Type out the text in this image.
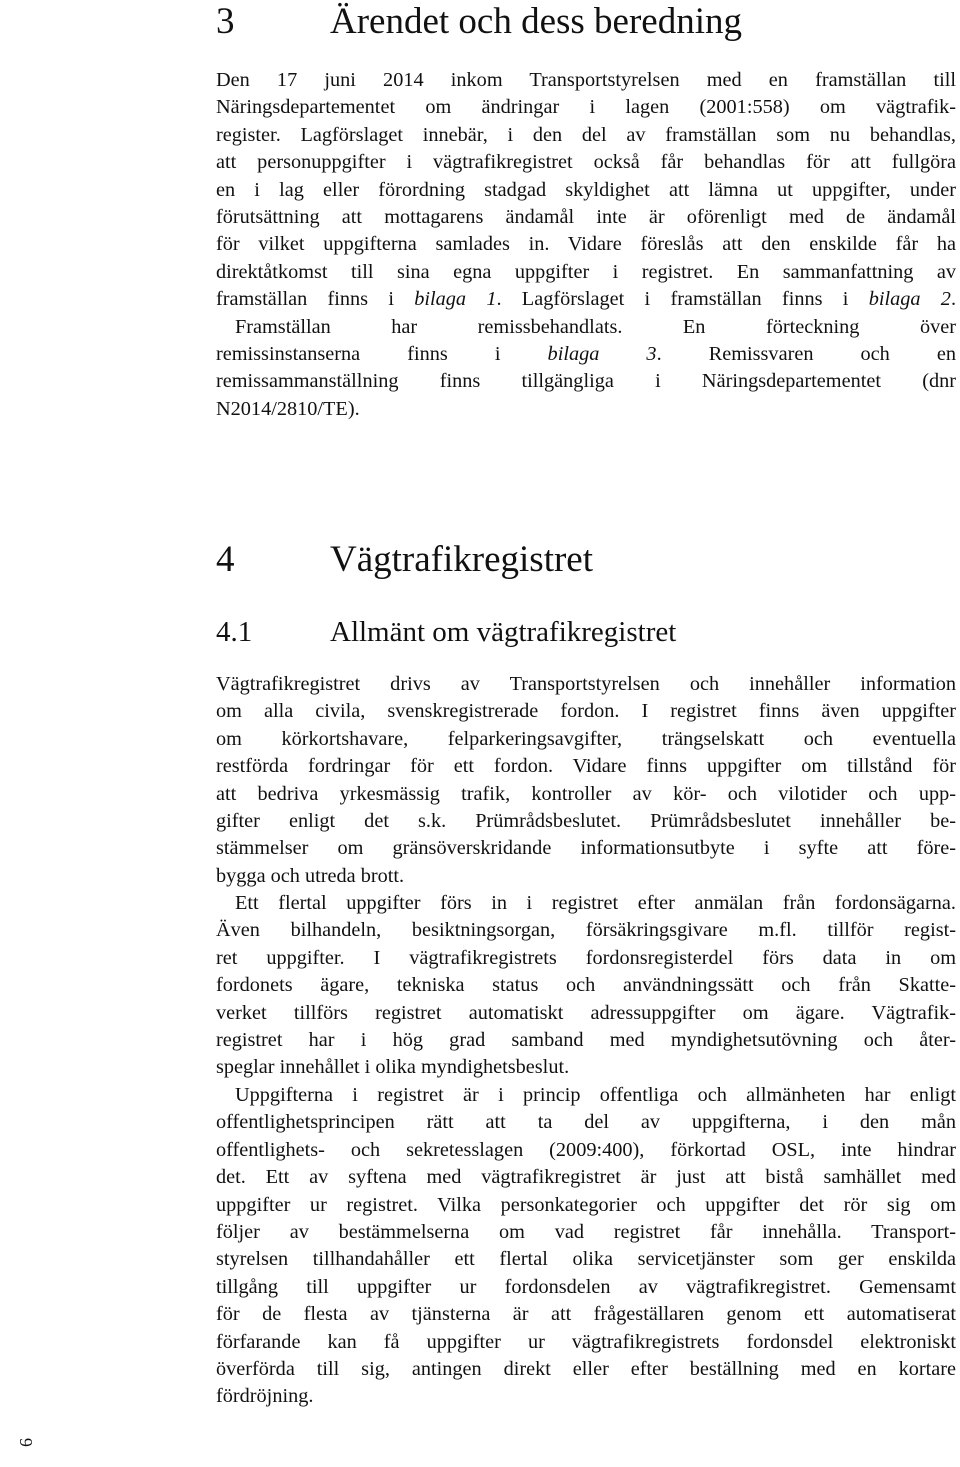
3	Ärendet och dess beredning

Den 17 juni 2014 inkom Transportstyrelsen med en framställan till
Näringsdepartementet om ändringar i lagen (2001:558) om vägtrafik-
register. Lagförslaget innebär, i den del av framställan som nu behandlas,
att personuppgifter i vägtrafikregistret också får behandlas för att fullgöra
en i lag eller förordning stadgad skyldighet att lämna ut uppgifter, under
förutsättning att mottagarens ändamål inte är oförenligt med de ändamål
för vilket uppgifterna samlades in. Vidare föreslås att den enskilde får ha
direktåtkomst till sina egna uppgifter i registret. En sammanfattning av
framställan finns i bilaga 1. Lagförslaget i framställan finns i bilaga 2.
Framställan har remissbehandlats. En förteckning över
remissinstanserna finns i bilaga 3. Remissvaren och en
remissammanställning finns tillgängliga i Näringsdepartementet (dnr
N2014/2810/TE).

4	Vägtrafikregistret
4.1	Allmänt om vägtrafikregistret

Vägtrafikregistret drivs av Transportstyrelsen och innehåller information
om alla civila, svenskregistrerade fordon. I registret finns även uppgifter
om körkortshavare, felparkeringsavgifter, trängselskatt och eventuella
restförda fordringar för ett fordon. Vidare finns uppgifter om tillstånd för
att bedriva yrkesmässig trafik, kontroller av kör- och vilotider och upp-
gifter enligt det s.k. Prümrådsbeslutet. Prümrådsbeslutet innehåller be-
stämmelser om gränsöverskridande informationsutbyte i syfte att före-
bygga och utreda brott.

Ett flertal uppgifter förs in i registret efter anmälan från fordonsägarna.
Även bilhandeln, besiktningsorgan, försäkringsgivare m.fl. tillför regist-
ret uppgifter. I vägtrafikregistrets fordonsregisterdel förs data in om
fordonets ägare, tekniska status och användningssätt och från Skatte-
verket tillförs registret automatiskt adressuppgifter om ägare. Vägtrafik-
registret har i hög grad samband med myndighetsutövning och åter-
speglar innehållet i olika myndighetsbeslut.

Uppgifterna i registret är i princip offentliga och allmänheten har enligt
offentlighetsprincipen rätt att ta del av uppgifterna, i den mån
offentlighets- och sekretesslagen (2009:400), förkortad OSL, inte hindrar
det. Ett av syftena med vägtrafikregistret är just att bistå samhället med
uppgifter ur registret. Vilka personkategorier och uppgifter det rör sig om
följer av bestämmelserna om vad registret får innehålla. Transport-
styrelsen tillhandahåller ett flertal olika servicetjänster som ger enskilda
tillgång till uppgifter ur fordonsdelen av vägtrafikregistret. Gemensamt
för de flesta av tjänsterna är att frågeställaren genom ett automatiserat
förfarande kan få uppgifter ur vägtrafikregistrets fordonsdel elektroniskt
överförda till sig, antingen direkt eller efter beställning med en kortare
fördröjning.

6
